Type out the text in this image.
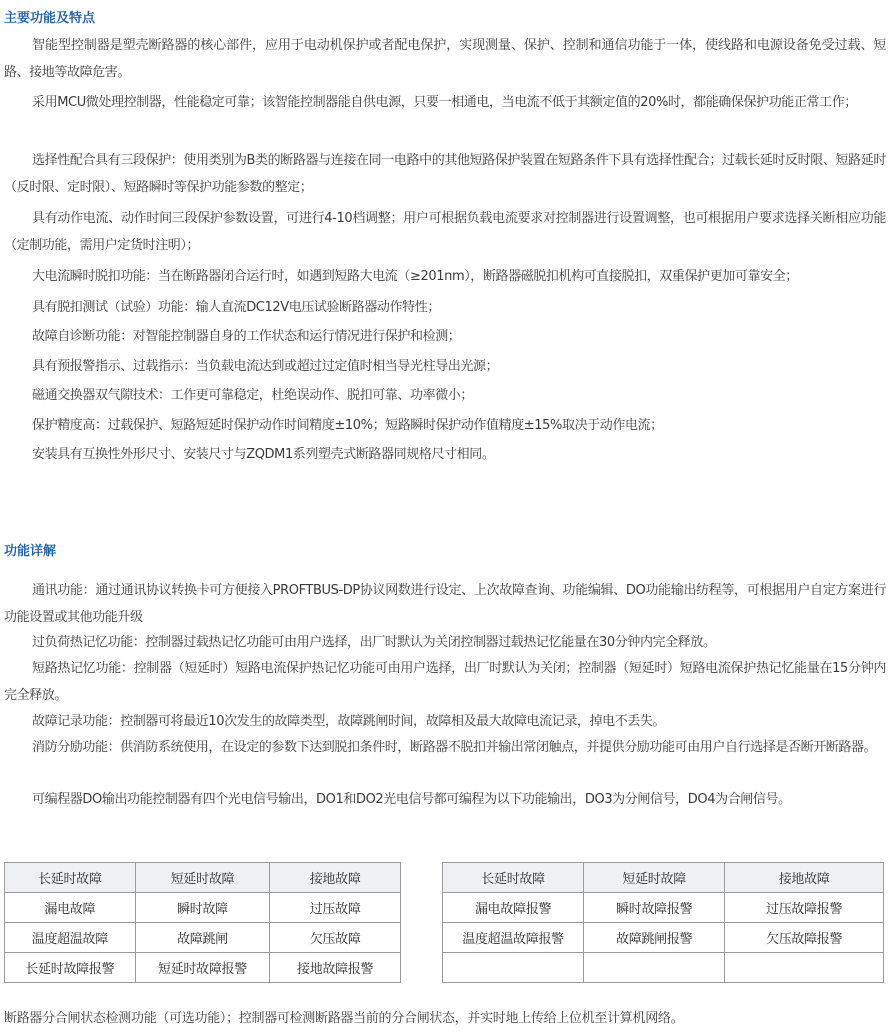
主要功能及特点

智能型控制器是塑壳断路器的核心部件，应用于电动机保护或者配电保护，实现测量、保护、控制和通信功能于一体，使线路和电源设备免受过载、短路、接地等故障危害。

采用MCU微处理控制器，性能稳定可靠；该智能控制器能自供电源，只要一相通电，当电流不低于其额定值的20%时，都能确保保护功能正常工作；

选择性配合具有三段保护：使用类别为B类的断路器与连接在同一电路中的其他短路保护装置在短路条件下具有选择性配合；过载长延时反时限、短路延时（反时限、定时限）、短路瞬时等保护功能参数的整定；

具有动作电流、动作时间三段保护参数设置，可进行4-10档调整；用户可根据负载电流要求对控制器进行设置调整，也可根据用户要求选择关断相应功能（定制功能，需用户定货时注明）；

大电流瞬时脱扣功能：当在断路器闭合运行时，如遇到短路大电流（≥201nm），断路器磁脱扣机构可直接脱扣，双重保护更加可靠安全；

具有脱扣测试（试验）功能：输人直流DC12V电压试验断路器动作特性；

故障自诊断功能：对智能控制器自身的工作状态和运行情况进行保护和检测；

具有预报警指示、过载指示：当负载电流达到或超过过定值时相当导光柱导出光源；

磁通交换器双气隙技术：工作更可靠稳定，杜绝误动作、脱扣可靠、功率微小；

保护精度高：过载保护、短路短延时保护动作时间精度±10%；短路瞬时保护动作值精度±15%取决于动作电流；

安装具有互换性外形尺寸、安装尺寸与ZQDM1系列塑壳式断路器同规格尺寸相同。

功能详解

通讯功能：通过通讯协议转换卡可方便接入PROFTBUS-DP协议网数进行设定、上次故障查询、功能编辑、DO功能输出纺程等，可根据用户自定方案进行功能设置或其他功能升级

过负荷热记忆功能：控制器过载热记忆功能可由用户选择，出厂时默认为关闭控制器过载热记忆能量在30分钟内完全释放。

短路热记忆功能：控制器（短延时）短路电流保护热记忆功能可由用户选择，出厂时默认为关闭；控制器（短延时）短路电流保护热记忆能量在15分钟内完全释放。

故障记录功能：控制器可将最近10次发生的故障类型，故障跳闸时间，故障相及最大故障电流记录，掉电不丢失。

消防分励功能：供消防系统使用，在设定的参数下达到脱扣条件时，断路器不脱扣并输出常闭触点，并提供分励功能可由用户自行选择是否断开断路器。

可编程器DO输出功能控制器有四个光电信号输出，DO1和DO2光电信号都可编程为以下功能输出，DO3为分闸信号，DO4为合闸信号。

长延时故障	短延时故障	接地故障
漏电故障	瞬时故障	过压故障
温度超温故障	故障跳闸	欠压故障
长延时故障报警	短延时故障报警	接地故障报警
长延时故障	短延时故障	接地故障
漏电故障报警	瞬时故障报警	过压故障报警
温度超温故障报警	故障跳闸报警	欠压故障报警

断路器分合闸状态检测功能（可选功能）；控制器可检测断路器当前的分合闸状态，并实时地上传给上位机至计算机网络。
